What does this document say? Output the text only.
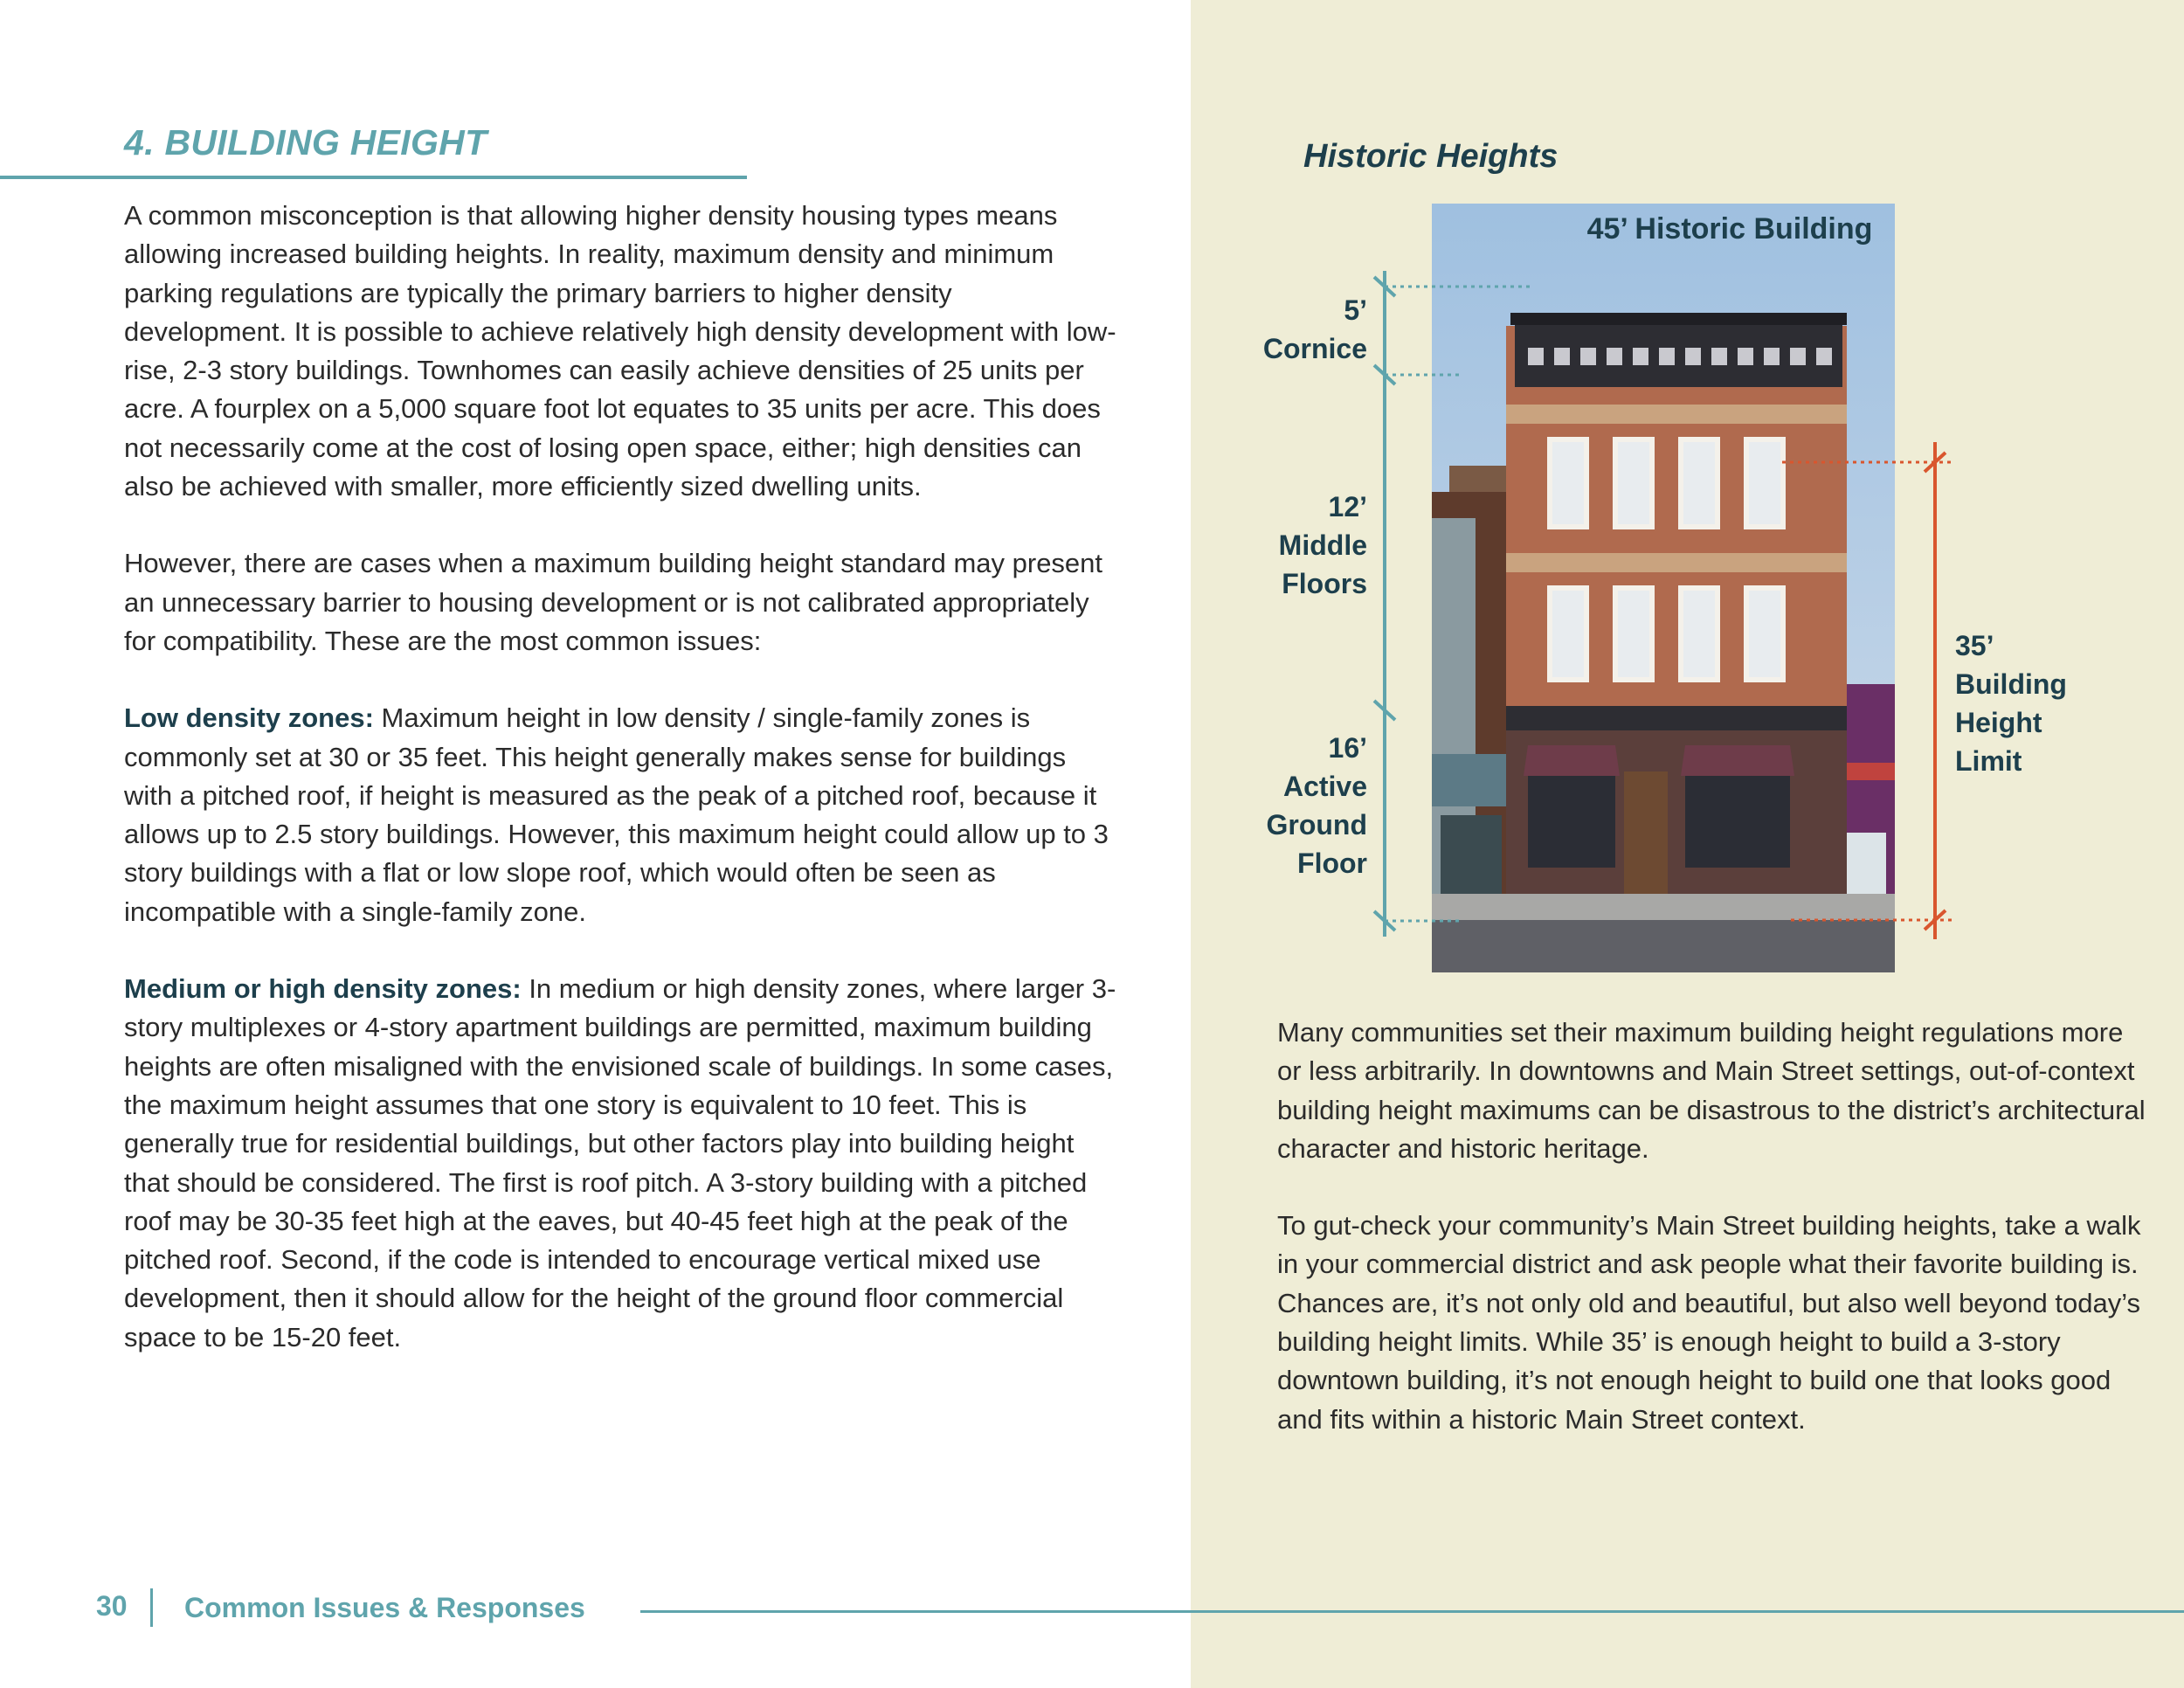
4. BUILDING HEIGHT

A common misconception is that allowing higher density housing types means allowing increased building heights. In reality, maximum density and minimum parking regulations are typically the primary barriers to higher density development. It is possible to achieve relatively high density development with low-rise, 2-3 story buildings. Townhomes can easily achieve densities of 25 units per acre. A fourplex on a 5,000 square foot lot equates to 35 units per acre. This does not necessarily come at the cost of losing open space, either; high densities can also be achieved with smaller, more efficiently sized dwelling units.

However, there are cases when a maximum building height standard may present an unnecessary barrier to housing development or is not calibrated appropriately for compatibility. These are the most common issues:

Low density zones: Maximum height in low density / single-family zones is commonly set at 30 or 35 feet. This height generally makes sense for buildings with a pitched roof, if height is measured as the peak of a pitched roof, because it allows up to 2.5 story buildings. However, this maximum height could allow up to 3 story buildings with a flat or low slope roof, which would often be seen as incompatible with a single-family zone.

Medium or high density zones: In medium or high density zones, where larger 3-story multiplexes or 4-story apartment buildings are permitted, maximum building heights are often misaligned with the envisioned scale of buildings. In some cases, the maximum height assumes that one story is equivalent to 10 feet. This is generally true for residential buildings, but other factors play into building height that should be considered. The first is roof pitch. A 3-story building with a pitched roof may be 30-35 feet high at the eaves, but 40-45 feet high at the peak of the pitched roof. Second, if the code is intended to encourage vertical mixed use development, then it should allow for the height of the ground floor commercial space to be 15-20 feet.

Historic Heights

45’ Historic Building

5’
Cornice
12’
Middle
Floors
16’
Active
Ground
Floor
35’
Building
Height
Limit

Many communities set their maximum building height regulations more or less arbitrarily. In downtowns and Main Street settings, out-of-context building height maximums can be disastrous to the district’s architectural character and historic heritage.

To gut-check your community’s Main Street building heights, take a walk in your commercial district and ask people what their favorite building is. Chances are, it’s not only old and beautiful, but also well beyond today’s building height limits. While 35’ is enough height to build a 3-story downtown building, it’s not enough height to build one that looks good and fits within a historic Main Street context.

30 Common Issues & Responses
